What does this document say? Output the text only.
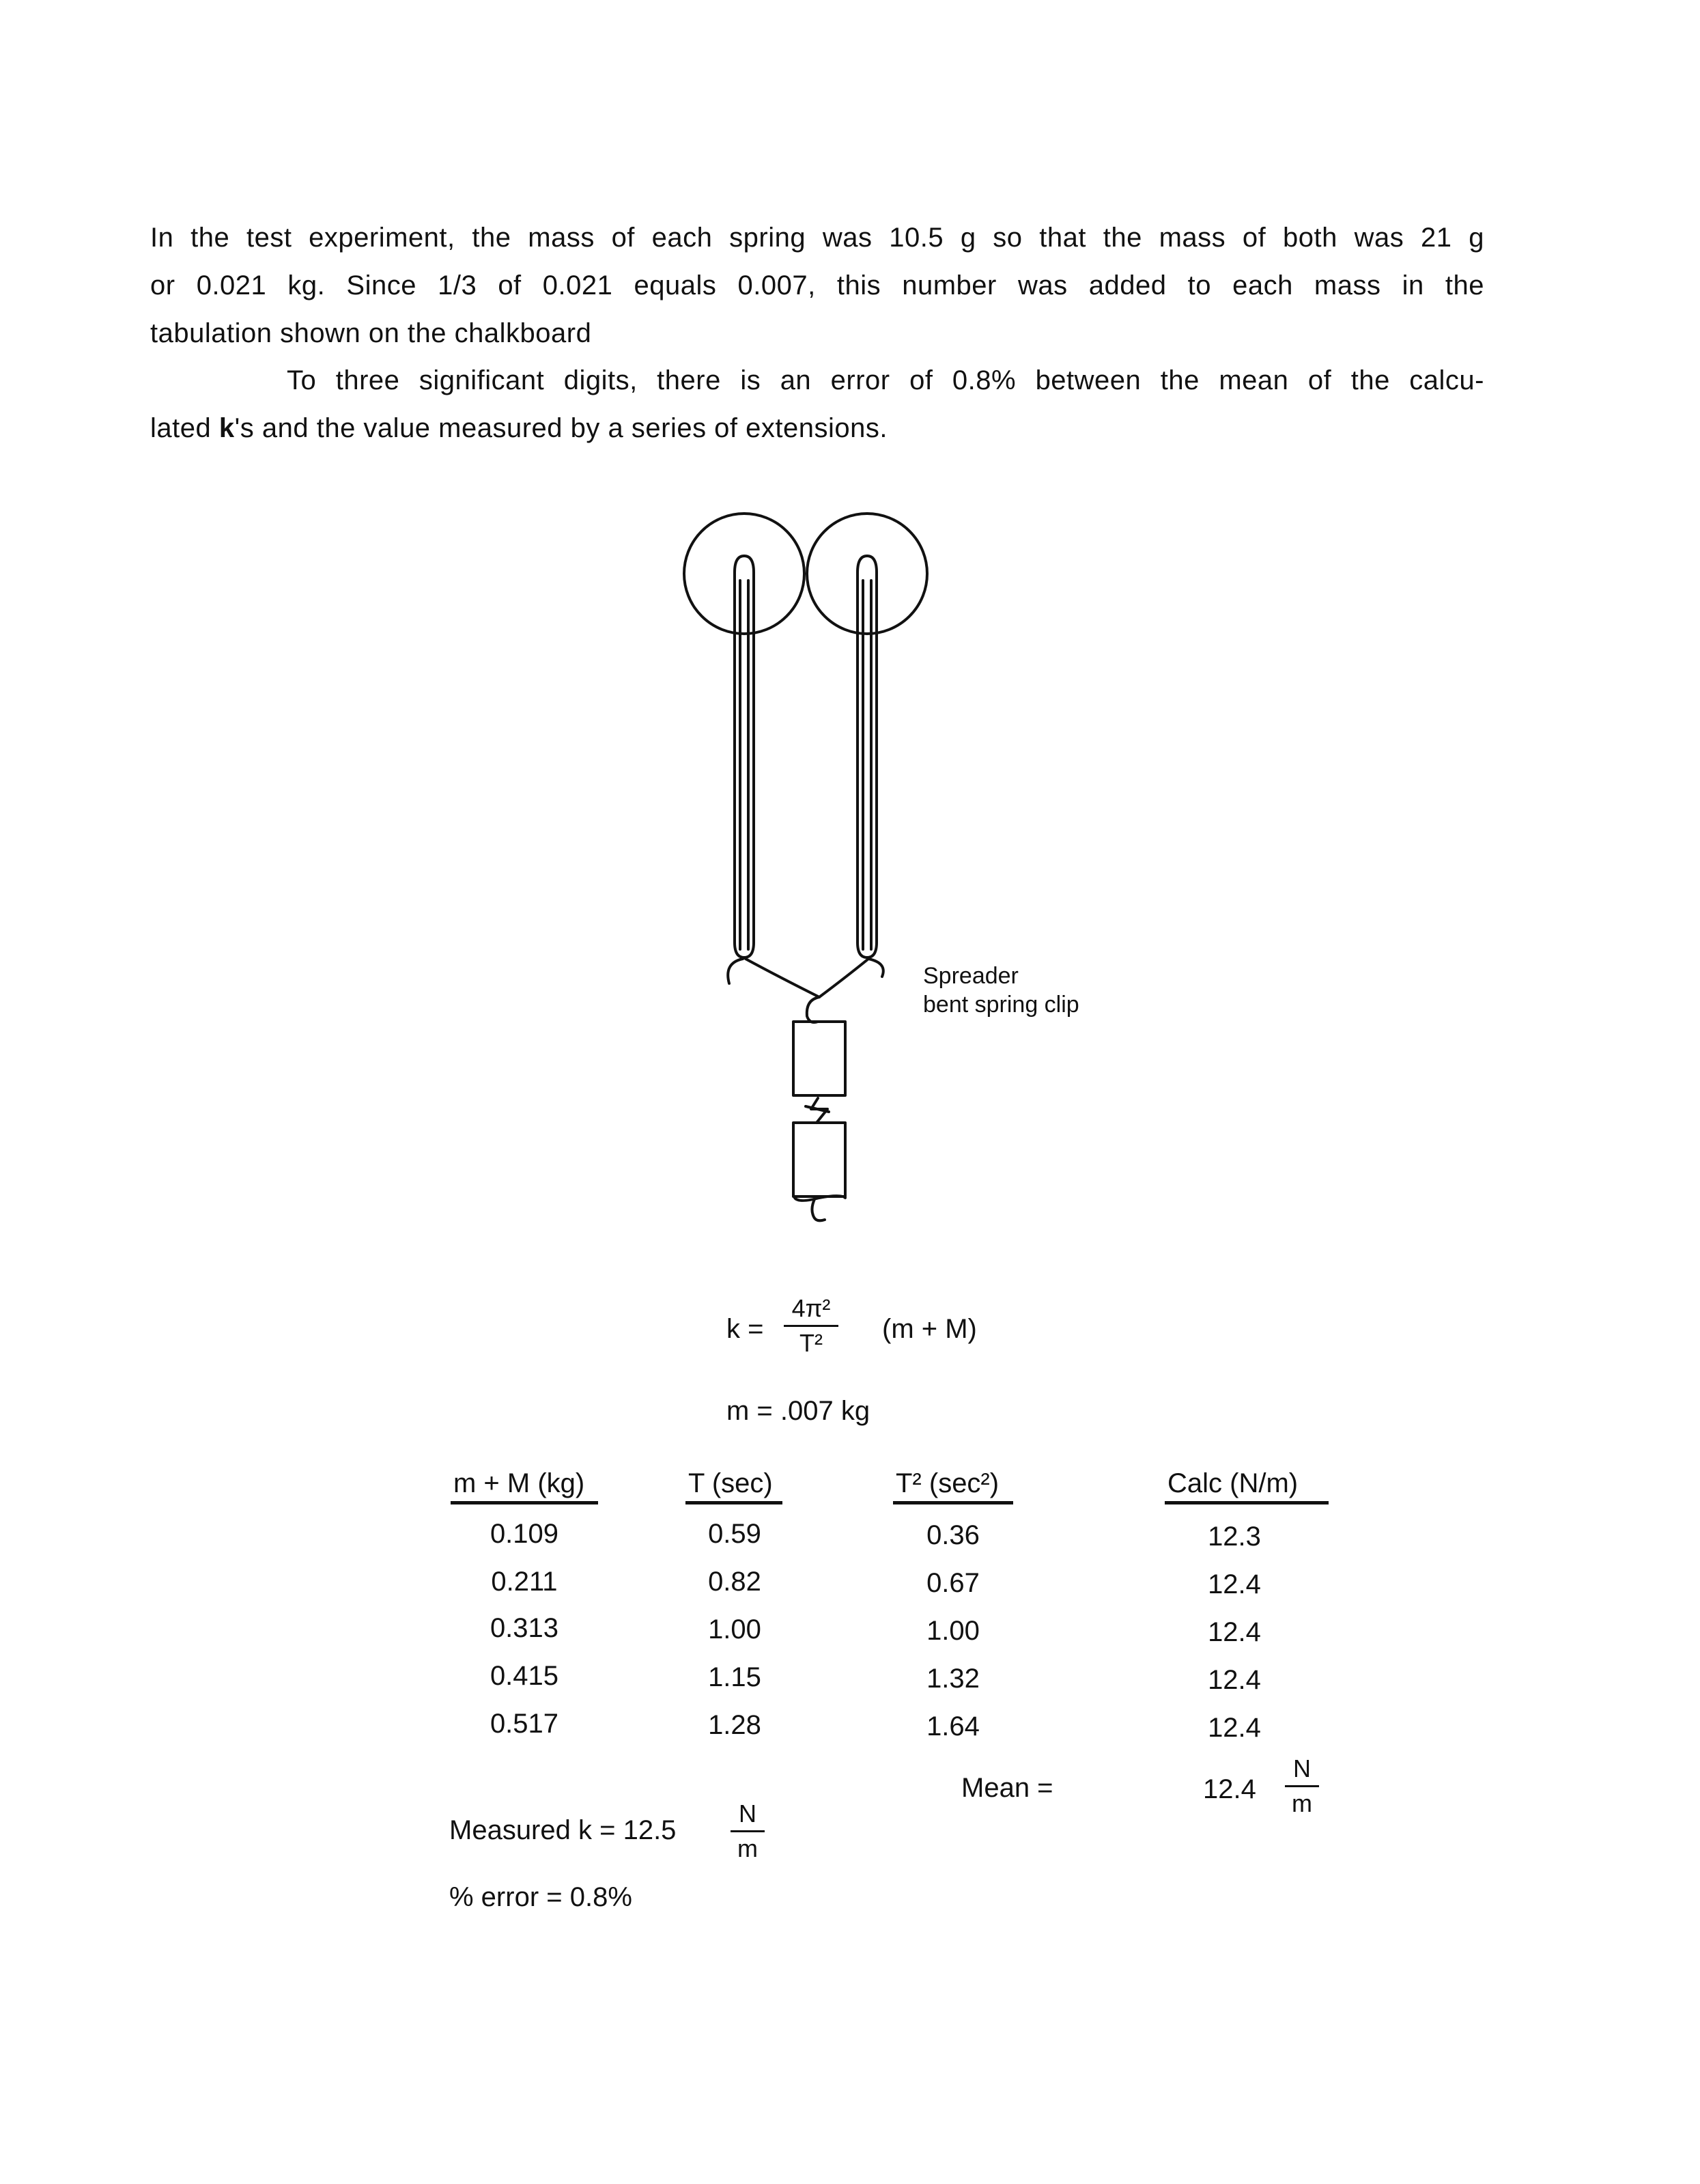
In the test experiment, the mass of each spring was 10.5 g so that the mass of both was 21 g
or 0.021 kg. Since 1/3 of 0.021 equals 0.007, this number was added to each mass in the
tabulation shown on the chalkboard
To three significant digits, there is an error of 0.8% between the mean of the calcu-
lated k's and the value measured by a series of extensions.
Spreader
bent spring clip
k =
4π²
T²	(m + M)
m = .007 kg
m + M (kg)	T (sec)	T² (sec²)	Calc (N/m)
0.109	0.59	0.36	12.3
0.211	0.82	0.67	12.4
0.313	1.00	1.00	12.4
0.415	1.15	1.32	12.4
0.517	1.28	1.64	12.4
Mean =	12.4
N
m
Measured k = 12.5
N
m
% error = 0.8%
